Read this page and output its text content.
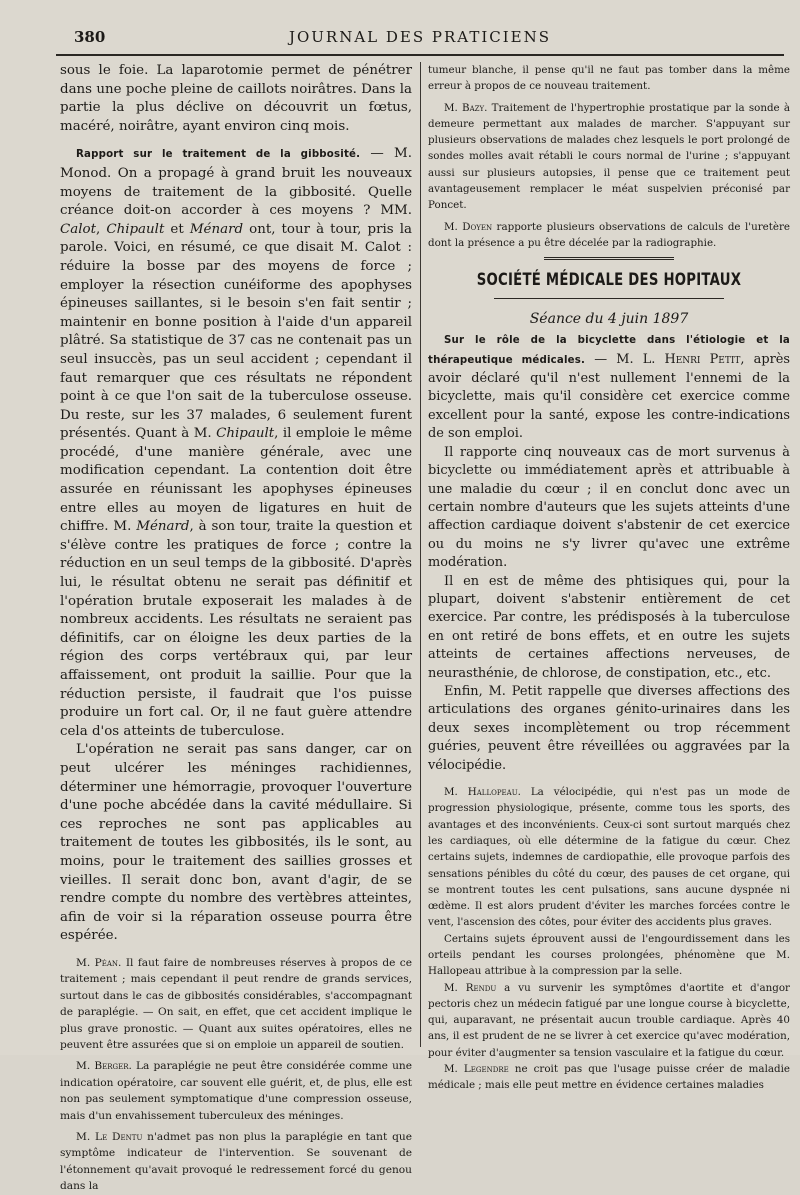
380	JOURNAL DES PRATICIENS

sous le foie. La laparotomie permet de pénétrer dans une poche pleine de caillots noirâtres. Dans la partie la plus déclive on découvrit un fœtus, macéré, noirâtre, ayant environ cinq mois.

Rapport sur le traitement de la gibbosité. — M. Monod. On a propagé à grand bruit les nouveaux moyens de traitement de la gibbosité. Quelle créance doit-on accorder à ces moyens ? MM. Calot, Chipault et Ménard ont, tour à tour, pris la parole. Voici, en résumé, ce que disait M. Calot : réduire la bosse par des moyens de force ; employer la résection cunéiforme des apophyses épineuses saillantes, si le besoin s'en fait sentir ; maintenir en bonne position à l'aide d'un appareil plâtré. Sa statistique de 37 cas ne contenait pas un seul insuccès, pas un seul accident ; cependant il faut remarquer que ces résultats ne répondent point à ce que l'on sait de la tuberculose osseuse. Du reste, sur les 37 malades, 6 seulement furent présentés. Quant à M. Chipault, il emploie le même procédé, d'une manière générale, avec une modification cependant. La contention doit être assurée en réunissant les apophyses épineuses entre elles au moyen de ligatures en huit de chiffre. M. Ménard, à son tour, traite la question et s'élève contre les pratiques de force ; contre la réduction en un seul temps de la gibbosité. D'après lui, le résultat obtenu ne serait pas définitif et l'opération brutale exposerait les malades à de nombreux accidents. Les résultats ne seraient pas définitifs, car on éloigne les deux parties de la région des corps vertébraux qui, par leur affaissement, ont produit la saillie. Pour que la réduction persiste, il faudrait que l'os puisse produire un fort cal. Or, il ne faut guère attendre cela d'os atteints de tuberculose.

L'opération ne serait pas sans danger, car on peut ulcérer les méninges rachidiennes, déterminer une hémorragie, provoquer l'ouverture d'une poche abcédée dans la cavité médullaire. Si ces reproches ne sont pas applicables au traitement de toutes les gibbosités, ils le sont, au moins, pour le traitement des saillies grosses et vieilles. Il serait donc bon, avant d'agir, de se rendre compte du nombre des vertèbres atteintes, afin de voir si la réparation osseuse pourra être espérée.

M. Péan. Il faut faire de nombreuses réserves à propos de ce traitement ; mais cependant il peut rendre de grands services, surtout dans le cas de gibbosités considérables, s'accompagnant de paraplégie. — On sait, en effet, que cet accident implique le plus grave pronostic. — Quant aux suites opératoires, elles ne peuvent être assurées que si on emploie un appareil de soutien.

M. Berger. La paraplégie ne peut être considérée comme une indication opératoire, car souvent elle guérit, et, de plus, elle est non pas seulement symptomatique d'une compression osseuse, mais d'un envahissement tuberculeux des méninges.

M. Le Dentu n'admet pas non plus la paraplégie en tant que symptôme indicateur de l'intervention. Se souvenant de l'étonnement qu'avait provoqué le redressement forcé du genou dans la

tumeur blanche, il pense qu'il ne faut pas tomber dans la même erreur à propos de ce nouveau traitement.

M. Bazy. Traitement de l'hypertrophie prostatique par la sonde à demeure permettant aux malades de marcher. S'appuyant sur plusieurs observations de malades chez lesquels le port prolongé de sondes molles avait rétabli le cours normal de l'urine ; s'appuyant aussi sur plusieurs autopsies, il pense que ce traitement peut avantageusement remplacer le méat suspelvien préconisé par Poncet.

M. Doyen rapporte plusieurs observations de calculs de l'uretère dont la présence a pu être décelée par la radiographie.

SOCIÉTÉ MÉDICALE DES HOPITAUX
Séance du 4 juin 1897

Sur le rôle de la bicyclette dans l'étiologie et la thérapeutique médicales. — M. L. Henri Petit, après avoir déclaré qu'il n'est nullement l'ennemi de la bicyclette, mais qu'il considère cet exercice comme excellent pour la santé, expose les contre-indications de son emploi.

Il rapporte cinq nouveaux cas de mort survenus à bicyclette ou immédiatement après et attribuable à une maladie du cœur ; il en conclut donc avec un certain nombre d'auteurs que les sujets atteints d'une affection cardiaque doivent s'abstenir de cet exercice ou du moins ne s'y livrer qu'avec une extrême modération.

Il en est de même des phtisiques qui, pour la plupart, doivent s'abstenir entièrement de cet exercice. Par contre, les prédisposés à la tuberculose en ont retiré de bons effets, et en outre les sujets atteints de certaines affections nerveuses, de neurasthénie, de chlorose, de constipation, etc., etc.

Enfin, M. Petit rappelle que diverses affections des articulations des organes génito-urinaires dans les deux sexes incomplètement ou trop récemment guéries, peuvent être réveillées ou aggravées par la vélocipédie.

M. Hallopeau. La vélocipédie, qui n'est pas un mode de progression physiologique, présente, comme tous les sports, des avantages et des inconvénients. Ceux-ci sont surtout marqués chez les cardiaques, où elle détermine de la fatigue du cœur. Chez certains sujets, indemnes de cardiopathie, elle provoque parfois des sensations pénibles du côté du cœur, des pauses de cet organe, qui se montrent toutes les cent pulsations, sans aucune dyspnée ni œdème. Il est alors prudent d'éviter les marches forcées contre le vent, l'ascension des côtes, pour éviter des accidents plus graves.

Certains sujets éprouvent aussi de l'engourdissement dans les orteils pendant les courses prolongées, phénomène que M. Hallopeau attribue à la compression par la selle.

M. Rendu a vu survenir les symptômes d'aortite et d'angor pectoris chez un médecin fatigué par une longue course à bicyclette, qui, auparavant, ne présentait aucun trouble cardiaque. Après 40 ans, il est prudent de ne se livrer à cet exercice qu'avec modération, pour éviter d'augmenter sa tension vasculaire et la fatigue du cœur.

M. Legendre ne croit pas que l'usage puisse créer de maladie médicale ; mais elle peut mettre en évidence certaines maladies
